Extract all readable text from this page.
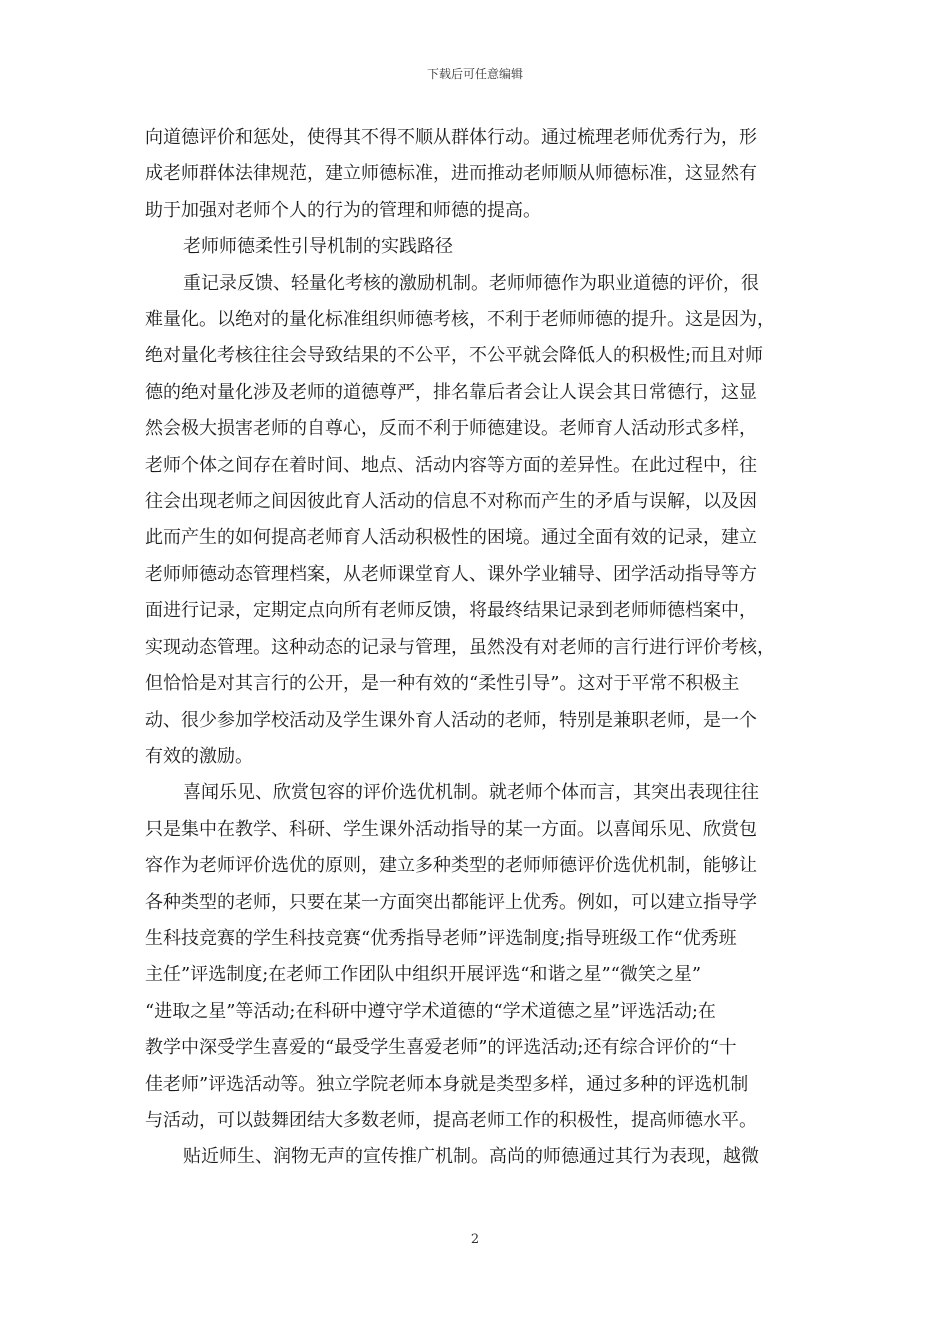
下载后可任意编辑
向道德评价和惩处，使得其不得不顺从群体行动。通过梳理老师优秀行为，形
成老师群体法律规范，建立师德标准，进而推动老师顺从师德标准，这显然有
助于加强对老师个人的行为的管理和师德的提高。
老师师德柔性引导机制的实践路径
重记录反馈、轻量化考核的激励机制。老师师德作为职业道德的评价，很
难量化。以绝对的量化标准组织师德考核，不利于老师师德的提升。这是因为，
绝对量化考核往往会导致结果的不公平，不公平就会降低人的积极性;而且对师
德的绝对量化涉及老师的道德尊严，排名靠后者会让人误会其日常德行，这显
然会极大损害老师的自尊心，反而不利于师德建设。老师育人活动形式多样，
老师个体之间存在着时间、地点、活动内容等方面的差异性。在此过程中，往
往会出现老师之间因彼此育人活动的信息不对称而产生的矛盾与误解，以及因
此而产生的如何提高老师育人活动积极性的困境。通过全面有效的记录，建立
老师师德动态管理档案，从老师课堂育人、课外学业辅导、团学活动指导等方
面进行记录，定期定点向所有老师反馈，将最终结果记录到老师师德档案中，
实现动态管理。这种动态的记录与管理，虽然没有对老师的言行进行评价考核，
但恰恰是对其言行的公开，是一种有效的“柔性引导”。这对于平常不积极主
动、很少参加学校活动及学生课外育人活动的老师，特别是兼职老师，是一个
有效的激励。
喜闻乐见、欣赏包容的评价选优机制。就老师个体而言，其突出表现往往
只是集中在教学、科研、学生课外活动指导的某一方面。以喜闻乐见、欣赏包
容作为老师评价选优的原则，建立多种类型的老师师德评价选优机制，能够让
各种类型的老师，只要在某一方面突出都能评上优秀。例如，可以建立指导学
生科技竞赛的学生科技竞赛“优秀指导老师”评选制度;指导班级工作“优秀班
主任”评选制度;在老师工作团队中组织开展评选“和谐之星”“微笑之星”
“进取之星”等活动;在科研中遵守学术道德的“学术道德之星”评选活动;在
教学中深受学生喜爱的“最受学生喜爱老师”的评选活动;还有综合评价的“十
佳老师”评选活动等。独立学院老师本身就是类型多样，通过多种的评选机制
与活动，可以鼓舞团结大多数老师，提高老师工作的积极性，提高师德水平。
贴近师生、润物无声的宣传推广机制。高尚的师德通过其行为表现，越微
2
